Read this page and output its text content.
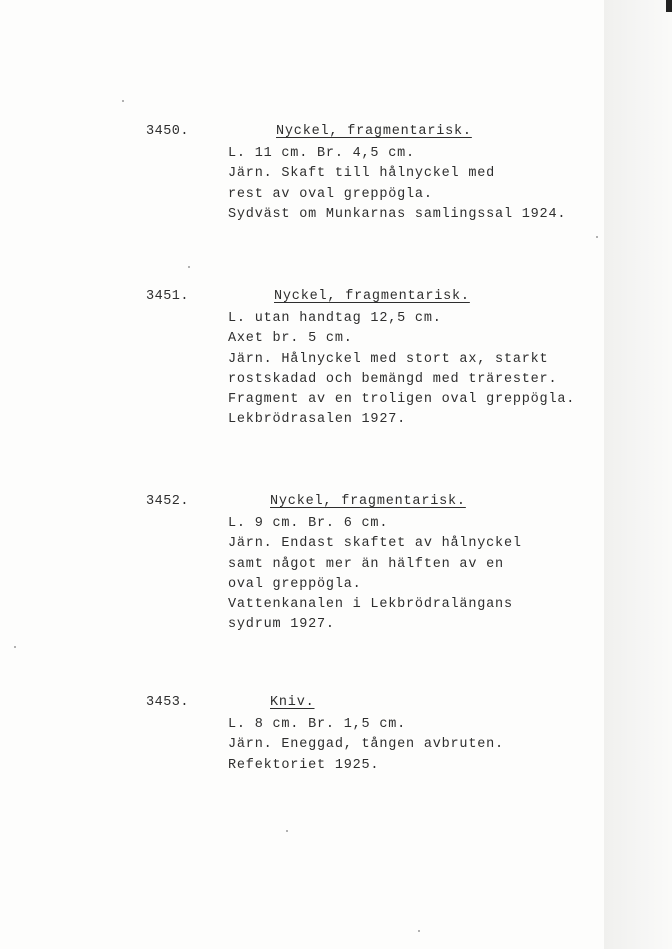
3450.	Nyckel, fragmentarisk.
L. 11 cm. Br. 4,5 cm.
Järn. Skaft till hålnyckel med
rest av oval greppögla.
Sydväst om Munkarnas samlingssal 1924.
3451.	Nyckel, fragmentarisk.
L. utan handtag 12,5 cm.
Axet br. 5 cm.
Järn. Hålnyckel med stort ax, starkt
rostskadad och bemängd med trärester.
Fragment av en troligen oval greppögla.
Lekbrödrasalen 1927.
3452.	Nyckel, fragmentarisk.
L. 9 cm. Br. 6 cm.
Järn. Endast skaftet av hålnyckel
samt något mer än hälften av en
oval greppögla.
Vattenkanalen i Lekbrödralängans
sydrum 1927.
3453.	Kniv.
L. 8 cm. Br. 1,5 cm.
Järn. Eneggad, tången avbruten.
Refektoriet 1925.
